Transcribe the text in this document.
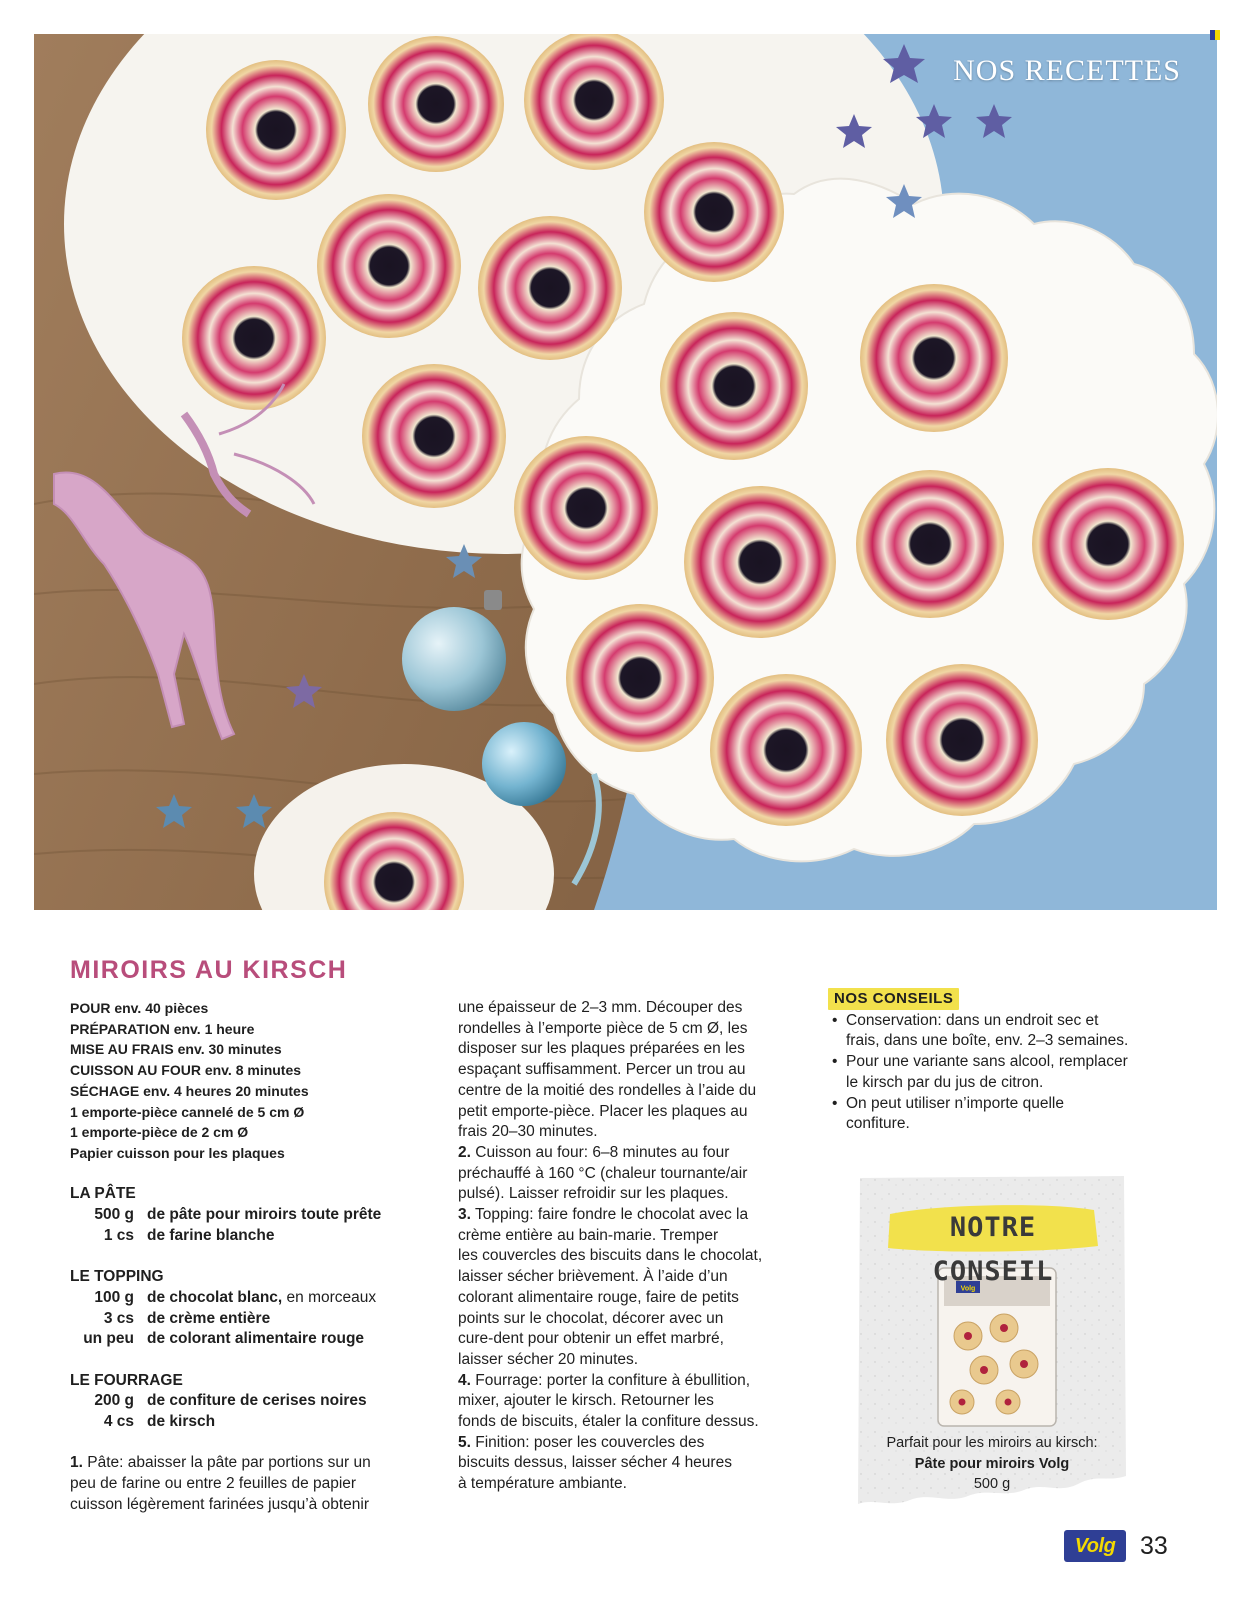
NOS RECETTES
MIROIRS AU KIRSCH
POUR env. 40 pièces
PRÉPARATION env. 1 heure
MISE AU FRAIS env. 30 minutes
CUISSON AU FOUR env. 8 minutes
SÉCHAGE env. 4 heures 20 minutes
1 emporte-pièce cannelé de 5 cm Ø
1 emporte-pièce de 2 cm Ø
Papier cuisson pour les plaques
LA PÂTE
500 g de pâte pour miroirs toute prête
1 cs de farine blanche
LE TOPPING
100 g de chocolat blanc, en morceaux
3 cs de crème entière
un peu de colorant alimentaire rouge
LE FOURRAGE
200 g de confiture de cerises noires
4 cs de kirsch
1. Pâte: abaisser la pâte par portions sur un
peu de farine ou entre 2 feuilles de papier
cuisson légèrement farinées jusqu’à obtenir
une épaisseur de 2–3 mm. Découper des
rondelles à l’emporte pièce de 5 cm Ø, les
disposer sur les plaques préparées en les
espaçant suffisamment. Percer un trou au
centre de la moitié des rondelles à l’aide du
petit emporte-pièce. Placer les plaques au
frais 20–30 minutes.
2. Cuisson au four: 6–8 minutes au four
préchauffé à 160 °C (chaleur tournante/air
pulsé). Laisser refroidir sur les plaques.
3. Topping: faire fondre le chocolat avec la
crème entière au bain-marie. Tremper
les couvercles des biscuits dans le chocolat,
laisser sécher brièvement. À l’aide d’un
colorant alimentaire rouge, faire de petits
points sur le chocolat, décorer avec un
cure-dent pour obtenir un effet marbré,
laisser sécher 20 minutes.
4. Fourrage: porter la confiture à ébullition,
mixer, ajouter le kirsch. Retourner les
fonds de biscuits, étaler la confiture dessus.
5. Finition: poser les couvercles des
biscuits dessus, laisser sécher 4 heures
à température ambiante.
NOS CONSEILS
• Conservation: dans un endroit sec et
frais, dans une boîte, env. 2–3 semaines.
• Pour une variante sans alcool, remplacer
le kirsch par du jus de citron.
• On peut utiliser n’importe quelle
confiture.
Volg
NOTRE CONSEIL
Parfait pour les miroirs au kirsch:
Pâte pour miroirs Volg
500 g
Volg 33
